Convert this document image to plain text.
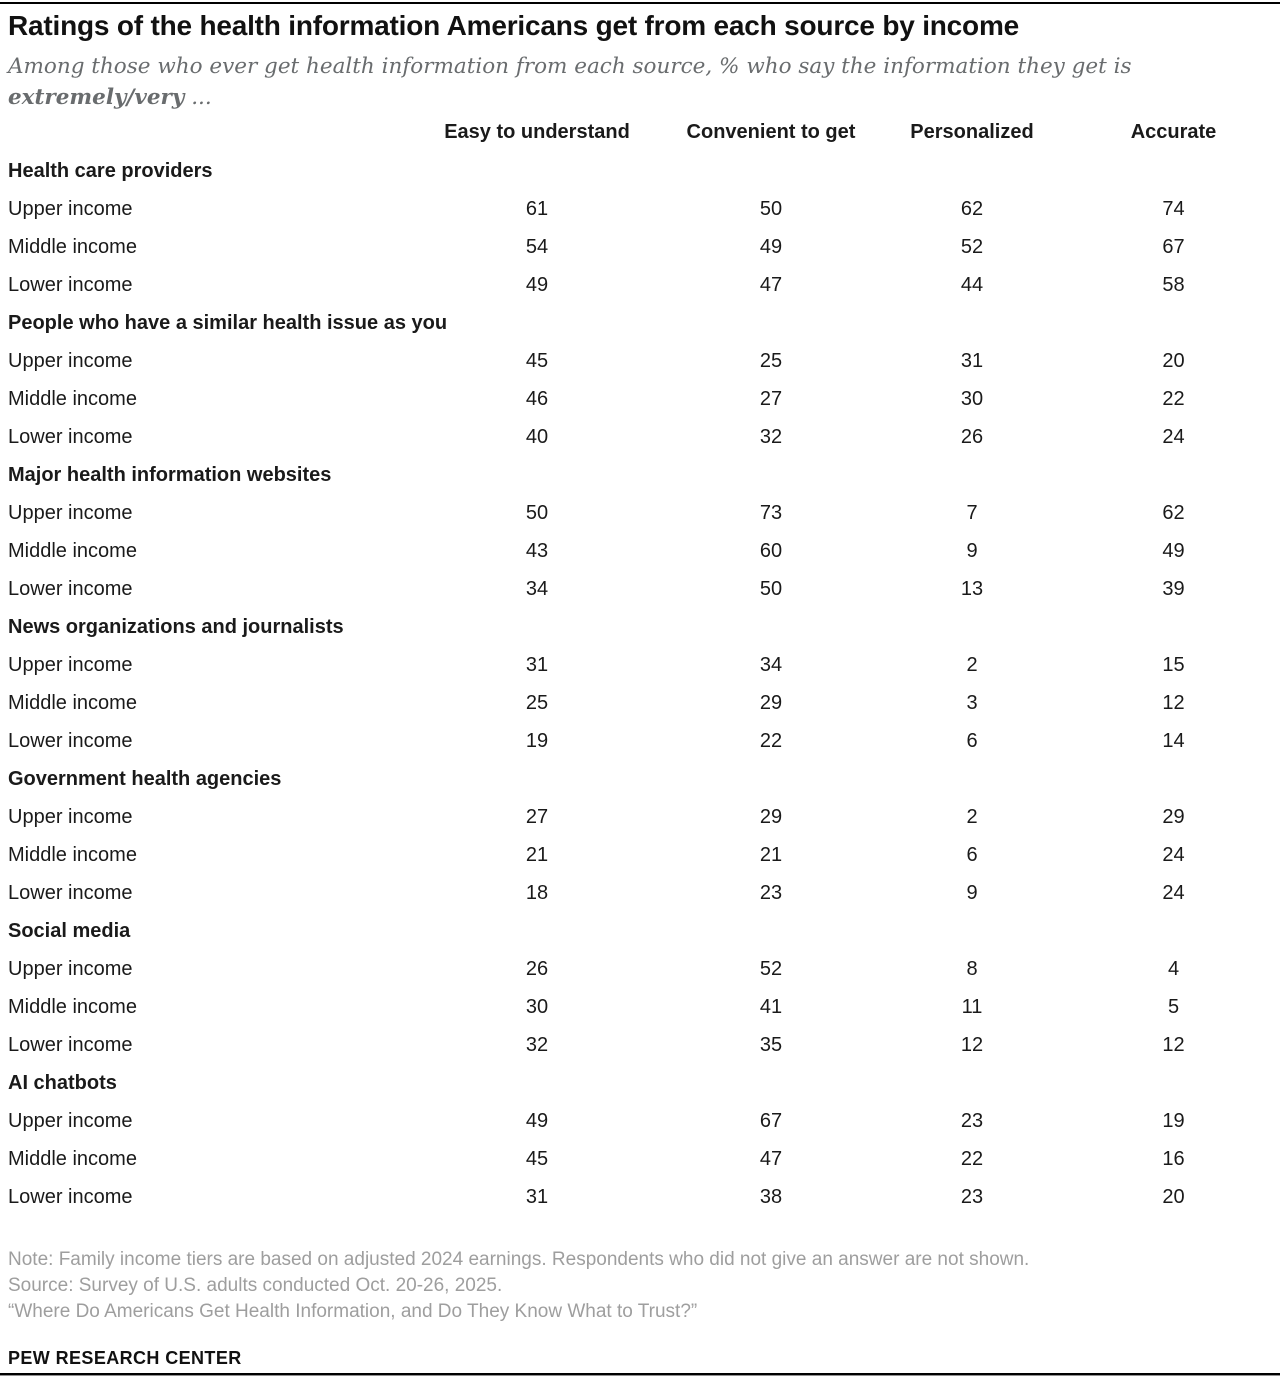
Ratings of the health information Americans get from each source by income

Among those who ever get health information from each source, % who say the information they get is
extremely/very ...

Easy to understand	Convenient to get	Personalized	Accurate
Health care providers
Upper income	61	50	62	74
Middle income	54	49	52	67
Lower income	49	47	44	58
People who have a similar health issue as you
Upper income	45	25	31	20
Middle income	46	27	30	22
Lower income	40	32	26	24
Major health information websites
Upper income	50	73	7	62
Middle income	43	60	9	49
Lower income	34	50	13	39
News organizations and journalists
Upper income	31	34	2	15
Middle income	25	29	3	12
Lower income	19	22	6	14
Government health agencies
Upper income	27	29	2	29
Middle income	21	21	6	24
Lower income	18	23	9	24
Social media
Upper income	26	52	8	4
Middle income	30	41	11	5
Lower income	32	35	12	12
AI chatbots
Upper income	49	67	23	19
Middle income	45	47	22	16
Lower income	31	38	23	20

Note: Family income tiers are based on adjusted 2024 earnings. Respondents who did not give an answer are not shown.
Source: Survey of U.S. adults conducted Oct. 20-26, 2025.
“Where Do Americans Get Health Information, and Do They Know What to Trust?”

PEW RESEARCH CENTER
